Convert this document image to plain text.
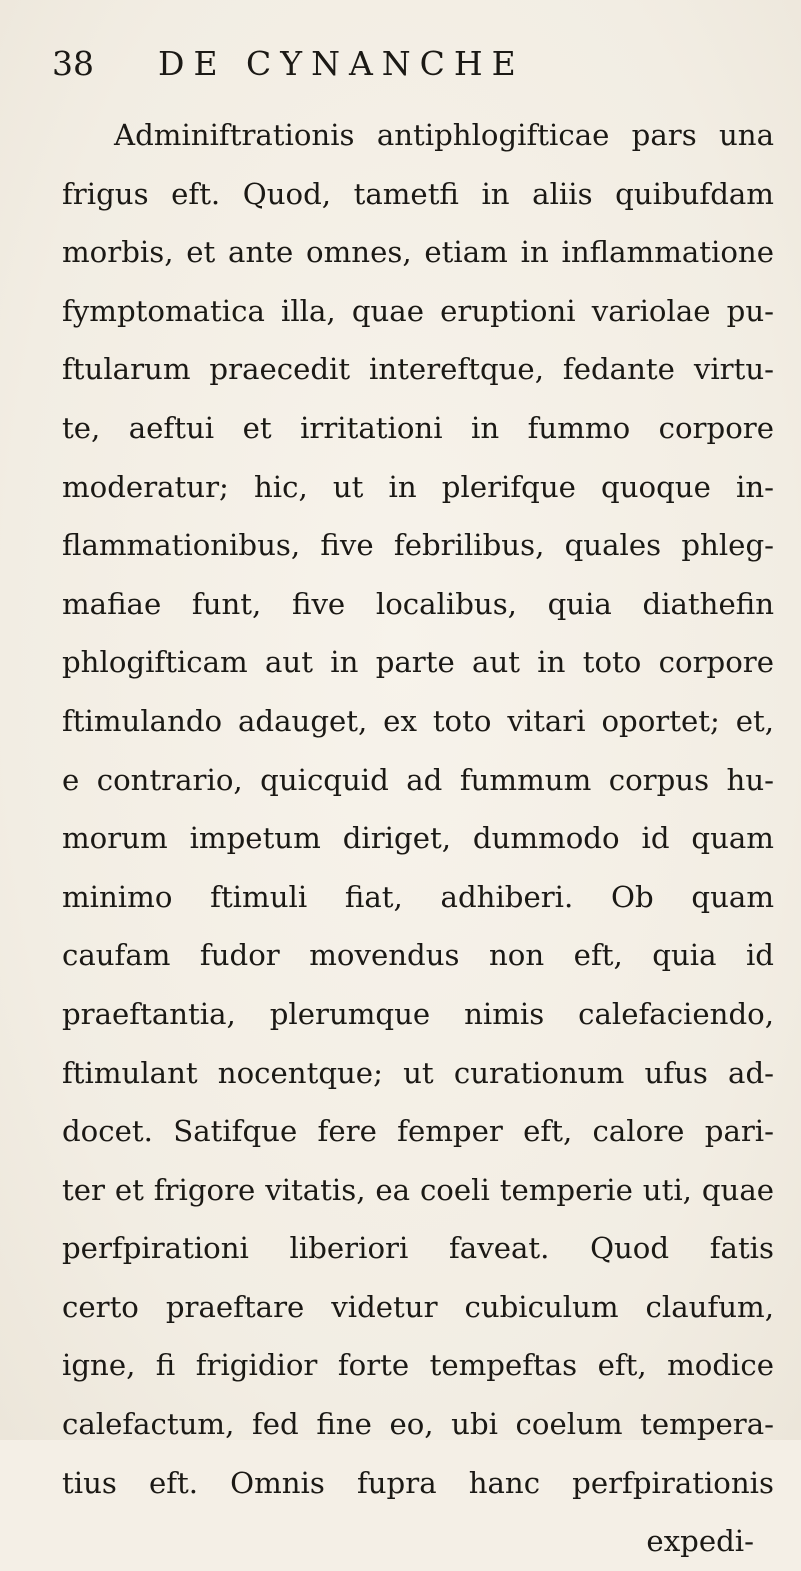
38	DE CYNANCHE
Adminiftrationis antiphlogifticae pars una
frigus eft. Quod, tametfi in aliis quibufdam
morbis, et ante omnes, etiam in inflammatione
fymptomatica illa, quae eruptioni variolae pu-
ftularum praecedit intereftque, fedante virtu-
te, aeftui et irritationi in fummo corpore
moderatur; hic, ut in plerifque quoque in-
flammationibus, five febrilibus, quales phleg-
mafiae funt, five localibus, quia diathefin
phlogifticam aut in parte aut in toto corpore
ftimulando adauget, ex toto vitari oportet; et,
e contrario, quicquid ad fummum corpus hu-
morum impetum diriget, dummodo id quam
minimo ftimuli fiat, adhiberi. Ob quam
caufam fudor movendus non eft, quia id
praeftantia, plerumque nimis calefaciendo,
ftimulant nocentque; ut curationum ufus ad-
docet. Satifque fere femper eft, calore pari-
ter et frigore vitatis, ea coeli temperie uti, quae
perfpirationi liberiori faveat. Quod fatis
certo praeftare videtur cubiculum claufum,
igne, fi frigidior forte tempeftas eft, modice
calefactum, fed fine eo, ubi coelum tempera-
tius eft. Omnis fupra hanc perfpirationis
expedi-
